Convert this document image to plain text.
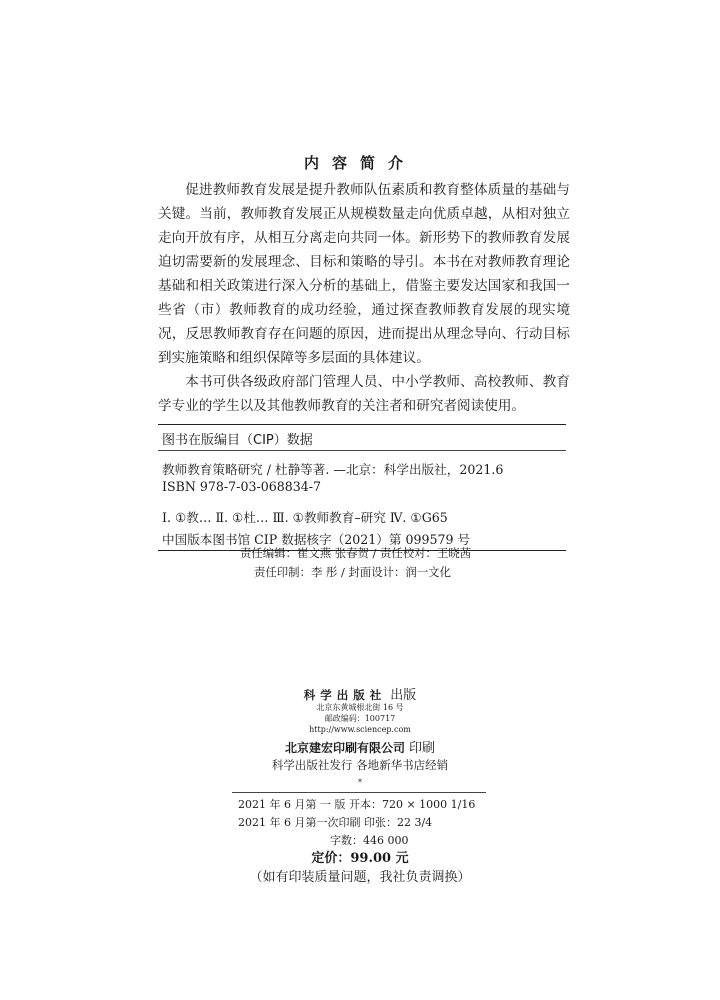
内容简介

促进教师教育发展是提升教师队伍素质和教育整体质量的基础与关键。当前，教师教育发展正从规模数量走向优质卓越，从相对独立走向开放有序，从相互分离走向共同一体。新形势下的教师教育发展迫切需要新的发展理念、目标和策略的导引。本书在对教师教育理论基础和相关政策进行深入分析的基础上，借鉴主要发达国家和我国一些省（市）教师教育的成功经验，通过探查教师教育发展的现实境况，反思教师教育存在问题的原因，进而提出从理念导向、行动目标到实施策略和组织保障等多层面的具体建议。

本书可供各级政府部门管理人员、中小学教师、高校教师、教育学专业的学生以及其他教师教育的关注者和研究者阅读使用。

图书在版编目（CIP）数据
教师教育策略研究 / 杜静等著. —北京：科学出版社，2021.6
ISBN 978-7-03-068834-7
Ⅰ. ①教… Ⅱ. ①杜… Ⅲ. ①教师教育–研究 Ⅳ. ①G65
中国版本图书馆 CIP 数据核字（2021）第 099579 号
责任编辑：崔文燕 张春贺 / 责任校对：王晓茜
责任印制：李 彤 / 封面设计：润一文化
科学出版社 出版
北京东黄城根北街 16 号
邮政编码：100717
http://www.sciencep.com
北京建宏印刷有限公司 印刷
科学出版社发行 各地新华书店经销
*
2021 年 6 月第 一 版 开本：720 × 1000 1/16
2021 年 6 月第一次印刷 印张：22 3/4
字数：446 000
定价：99.00 元
（如有印装质量问题，我社负责调换）
